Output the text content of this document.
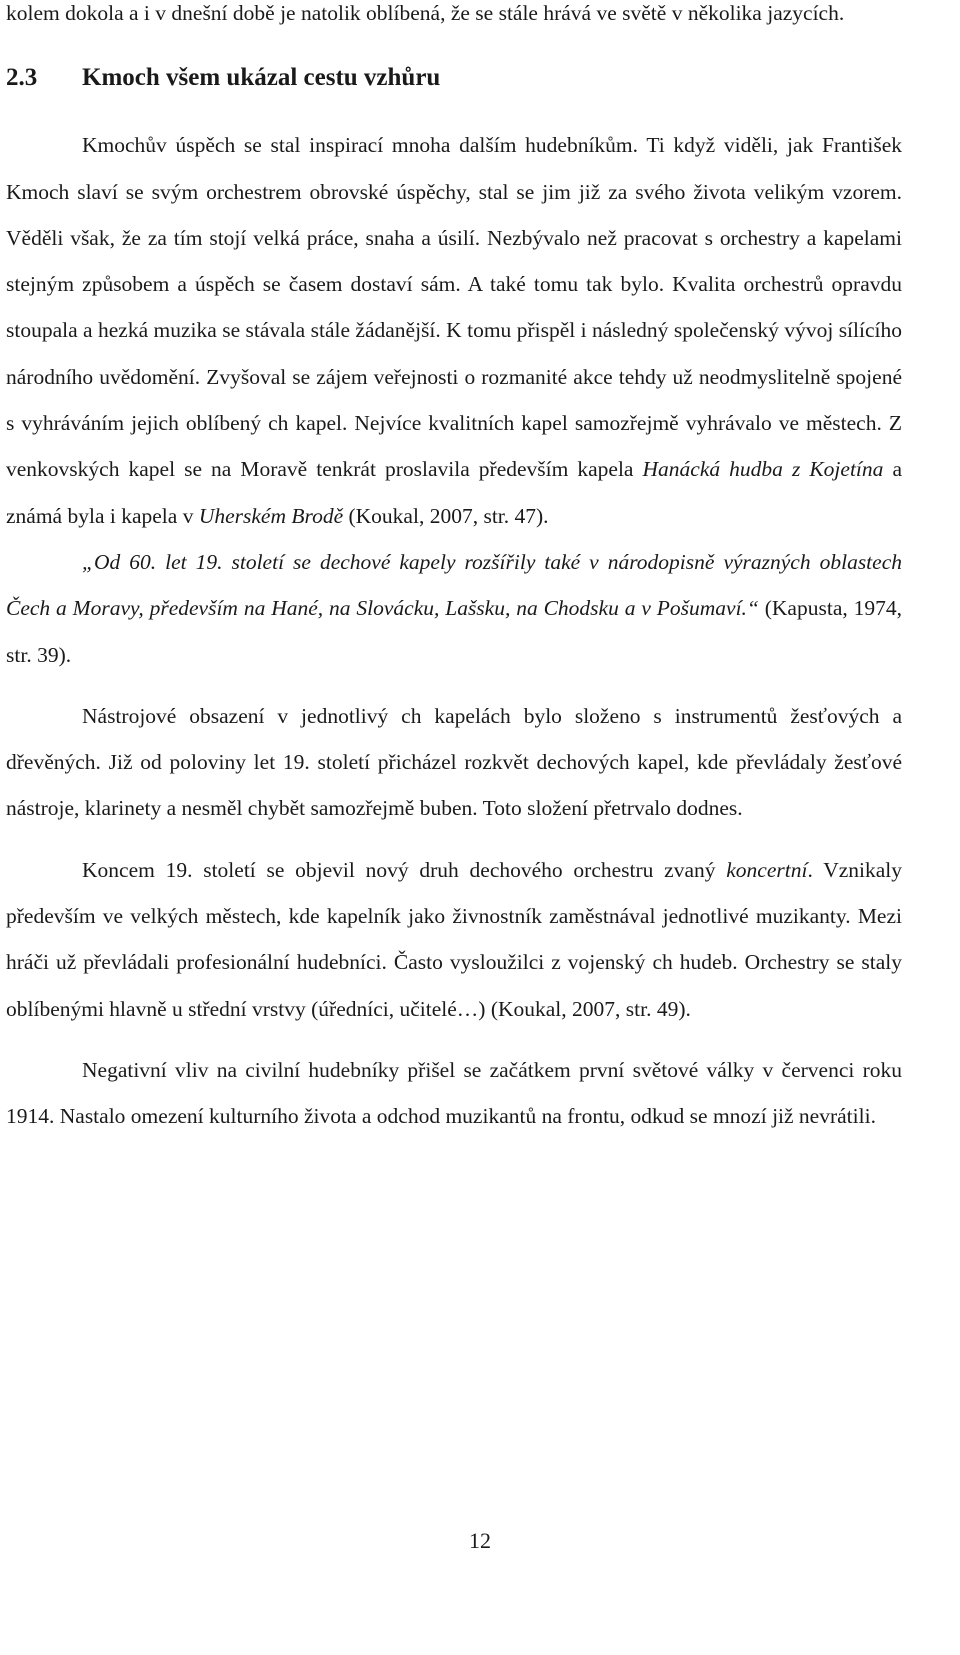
kolem dokola a i v dnešní době je natolik oblíbená, že se stále hrává ve světě v několika jazycích.

2.3 Kmoch všem ukázal cestu vzhůru

Kmochův úspěch se stal inspirací mnoha dalším hudebníkům. Ti když viděli, jak František Kmoch slaví se svým orchestrem obrovské úspěchy, stal se jim již za svého života velikým vzorem. Věděli však, že za tím stojí velká práce, snaha a úsilí. Nezbývalo než pracovat s orchestry a kapelami stejným způsobem a úspěch se časem dostaví sám. A také tomu tak bylo. Kvalita orchestrů opravdu stoupala a hezká muzika se stávala stále žádanější. K tomu přispěl i následný společenský vývoj sílícího národního uvědomění. Zvyšoval se zájem veřejnosti o rozmanité akce tehdy už neodmyslitelně spojené s vyhráváním jejich oblíbený ch kapel. Nejvíce kvalitních kapel samozřejmě vyhrávalo ve městech. Z venkovských kapel se na Moravě tenkrát proslavila především kapela Hanácká hudba z Kojetína a známá byla i kapela v Uherském Brodě (Koukal, 2007, str. 47).

„Od 60. let 19. století se dechové kapely rozšířily také v národopisně výrazných oblastech Čech a Moravy, především na Hané, na Slovácku, Lašsku, na Chodsku a v Pošumaví.“ (Kapusta, 1974, str. 39).

Nástrojové obsazení v jednotlivý ch kapelách bylo složeno s instrumentů žesťových a dřevěných. Již od poloviny let 19. století přicházel rozkvět dechových kapel, kde převládaly žesťové nástroje, klarinety a nesměl chybět samozřejmě buben. Toto složení přetrvalo dodnes.

Koncem 19. století se objevil nový druh dechového orchestru zvaný koncertní. Vznikaly především ve velkých městech, kde kapelník jako živnostník zaměstnával jednotlivé muzikanty. Mezi hráči už převládali profesionální hudebníci. Často vysloužilci z vojenský ch hudeb. Orchestry se staly oblíbenými hlavně u střední vrstvy (úředníci, učitelé…) (Koukal, 2007, str. 49).

Negativní vliv na civilní hudebníky přišel se začátkem první světové války v červenci roku 1914. Nastalo omezení kulturního života a odchod muzikantů na frontu, odkud se mnozí již nevrátili.

12
